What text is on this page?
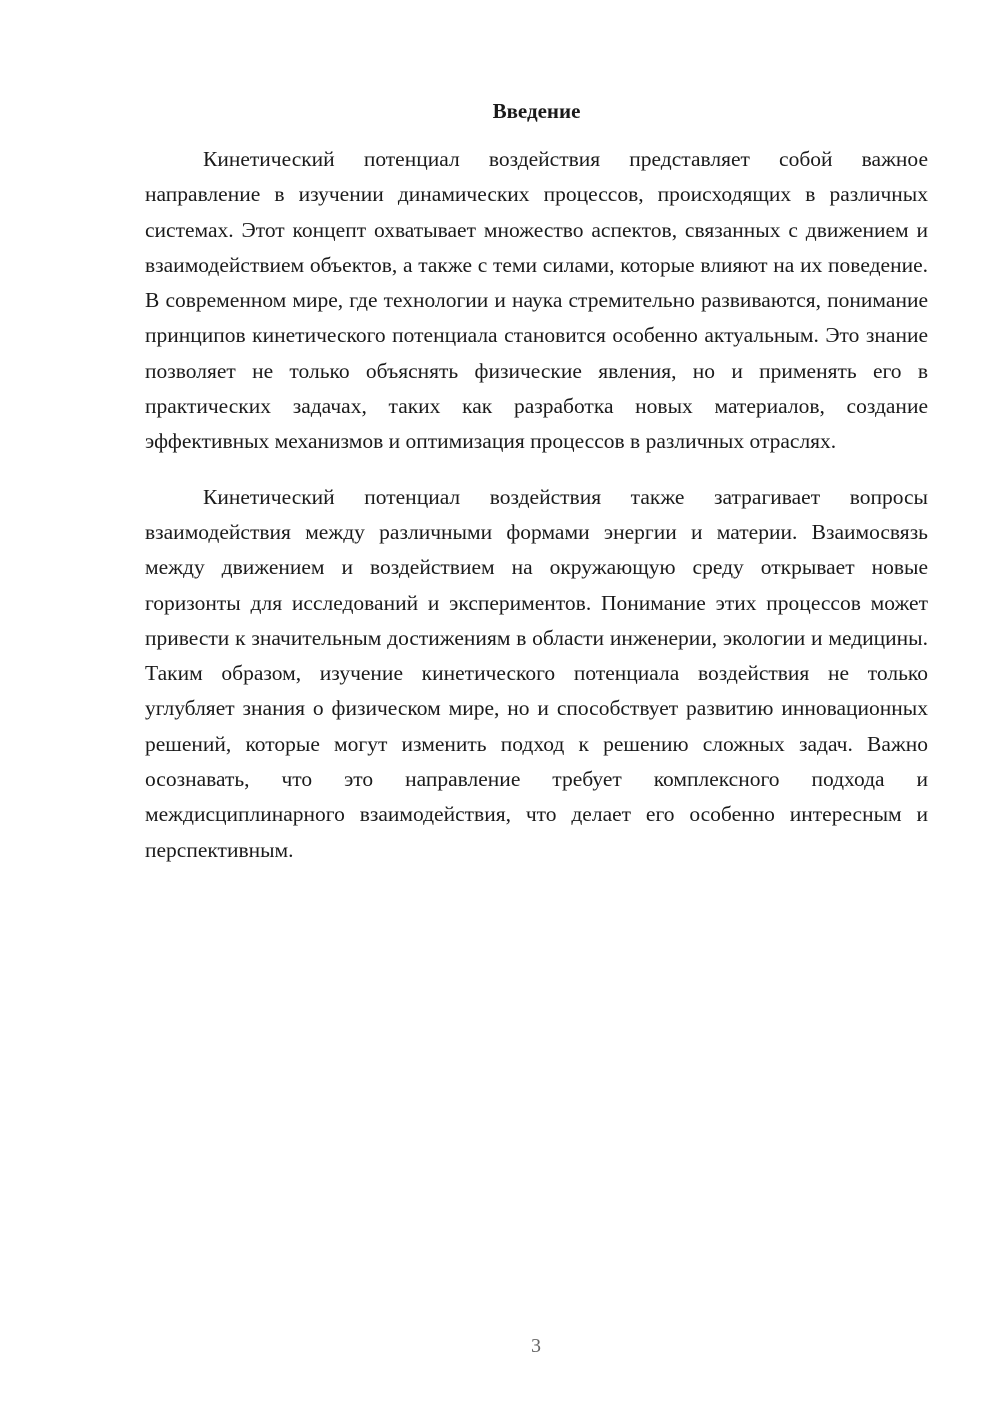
Введение

Кинетический потенциал воздействия представляет собой важное направление в изучении динамических процессов, происходящих в различных системах. Этот концепт охватывает множество аспектов, связанных с движением и взаимодействием объектов, а также с теми силами, которые влияют на их поведение. В современном мире, где технологии и наука стремительно развиваются, понимание принципов кинетического потенциала становится особенно актуальным. Это знание позволяет не только объяснять физические явления, но и применять его в практических задачах, таких как разработка новых материалов, создание эффективных механизмов и оптимизация процессов в различных отраслях.

Кинетический потенциал воздействия также затрагивает вопросы взаимодействия между различными формами энергии и материи. Взаимосвязь между движением и воздействием на окружающую среду открывает новые горизонты для исследований и экспериментов. Понимание этих процессов может привести к значительным достижениям в области инженерии, экологии и медицины. Таким образом, изучение кинетического потенциала воздействия не только углубляет знания о физическом мире, но и способствует развитию инновационных решений, которые могут изменить подход к решению сложных задач. Важно осознавать, что это направление требует комплексного подхода и междисциплинарного взаимодействия, что делает его особенно интересным и перспективным.

3
